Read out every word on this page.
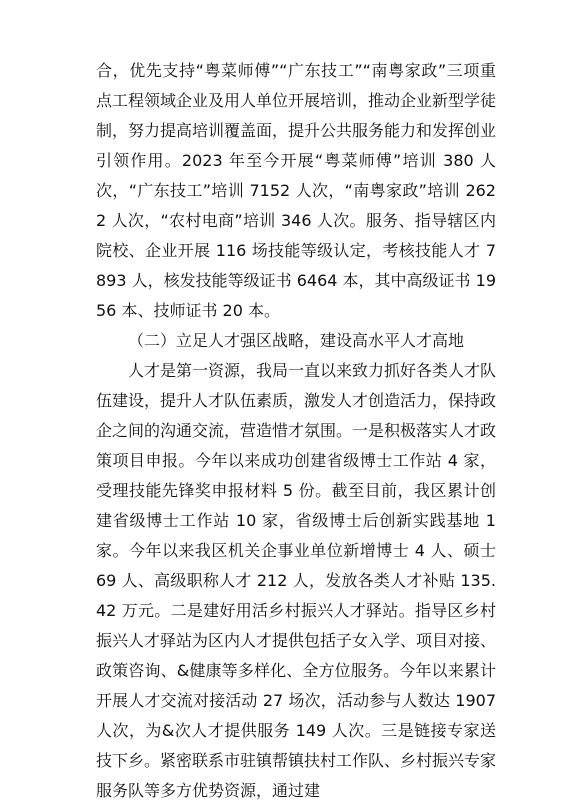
合，优先支持“粤菜师傅”“广东技工”“南粤家政”三项重点工程领域企业及用人单位开展培训，推动企业新型学徒制，努力提高培训覆盖面，提升公共服务能力和发挥创业引领作用。2023 年至今开展“粤菜师傅”培训 380 人次，“广东技工”培训 7152 人次，“南粤家政”培训 2622 人次，“农村电商”培训 346 人次。服务、指导辖区内院校、企业开展 116 场技能等级认定，考核技能人才 7893 人，核发技能等级证书 6464 本，其中高级证书 1956 本、技师证书 20 本。

（二）立足人才强区战略，建设高水平人才高地

人才是第一资源，我局一直以来致力抓好各类人才队伍建设，提升人才队伍素质，激发人才创造活力，保持政企之间的沟通交流，营造惜才氛围。一是积极落实人才政策项目申报。今年以来成功创建省级博士工作站 4 家，受理技能先锋奖申报材料 5 份。截至目前，我区累计创建省级博士工作站 10 家，省级博士后创新实践基地 1 家。今年以来我区机关企事业单位新增博士 4 人、硕士 69 人、高级职称人才 212 人，发放各类人才补贴 135.42 万元。二是建好用活乡村振兴人才驿站。指导区乡村振兴人才驿站为区内人才提供包括子女入学、项目对接、政策咨询、&健康等多样化、全方位服务。今年以来累计开展人才交流对接活动 27 场次，活动参与人数达 1907 人次，为&次人才提供服务 149 人次。三是链接专家送技下乡。紧密联系市驻镇帮镇扶村工作队、乡村振兴专家服务队等多方优势资源，通过建
